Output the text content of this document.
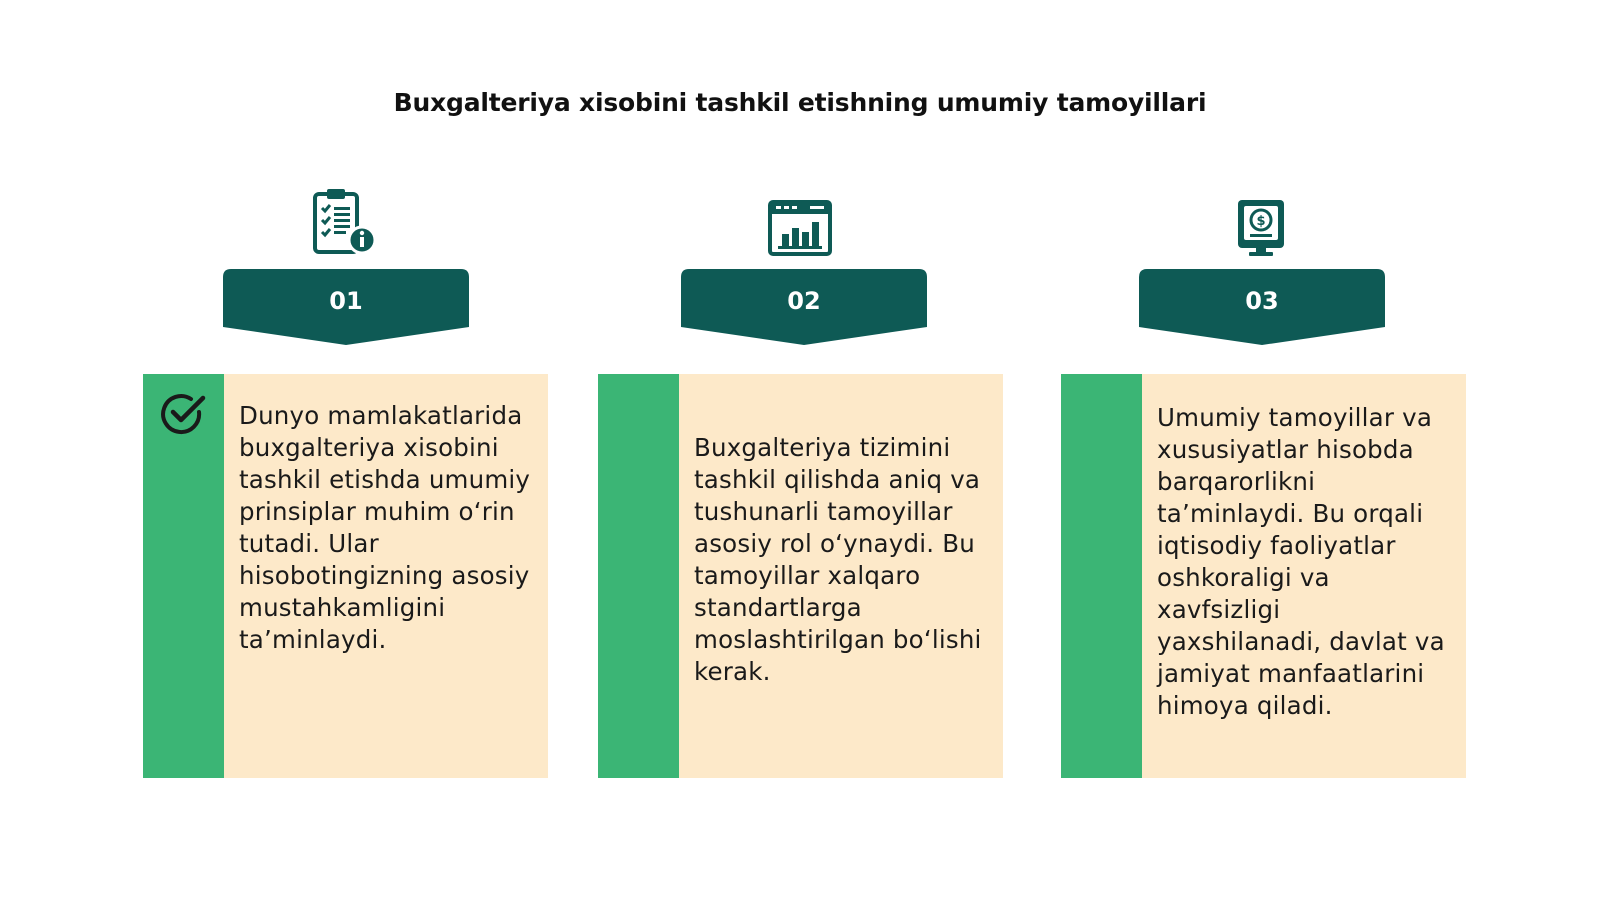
Buxgalteriya xisobini tashkil etishning umumiy tamoyillari
$
01	02	03

Dunyo mamlakatlarida buxgalteriya xisobini tashkil etishda umumiy prinsiplar muhim o‘rin tutadi. Ular hisobotingizning asosiy mustahkamligini ta’minlaydi.

Buxgalteriya tizimini tashkil qilishda aniq va tushunarli tamoyillar asosiy rol o‘ynaydi. Bu tamoyillar xalqaro standartlarga moslashtirilgan bo‘lishi kerak.

Umumiy tamoyillar va xususiyatlar hisobda barqarorlikni ta’minlaydi. Bu orqali iqtisodiy faoliyatlar oshkoraligi va xavfsizligi yaxshilanadi, davlat va jamiyat manfaatlarini himoya qiladi.
